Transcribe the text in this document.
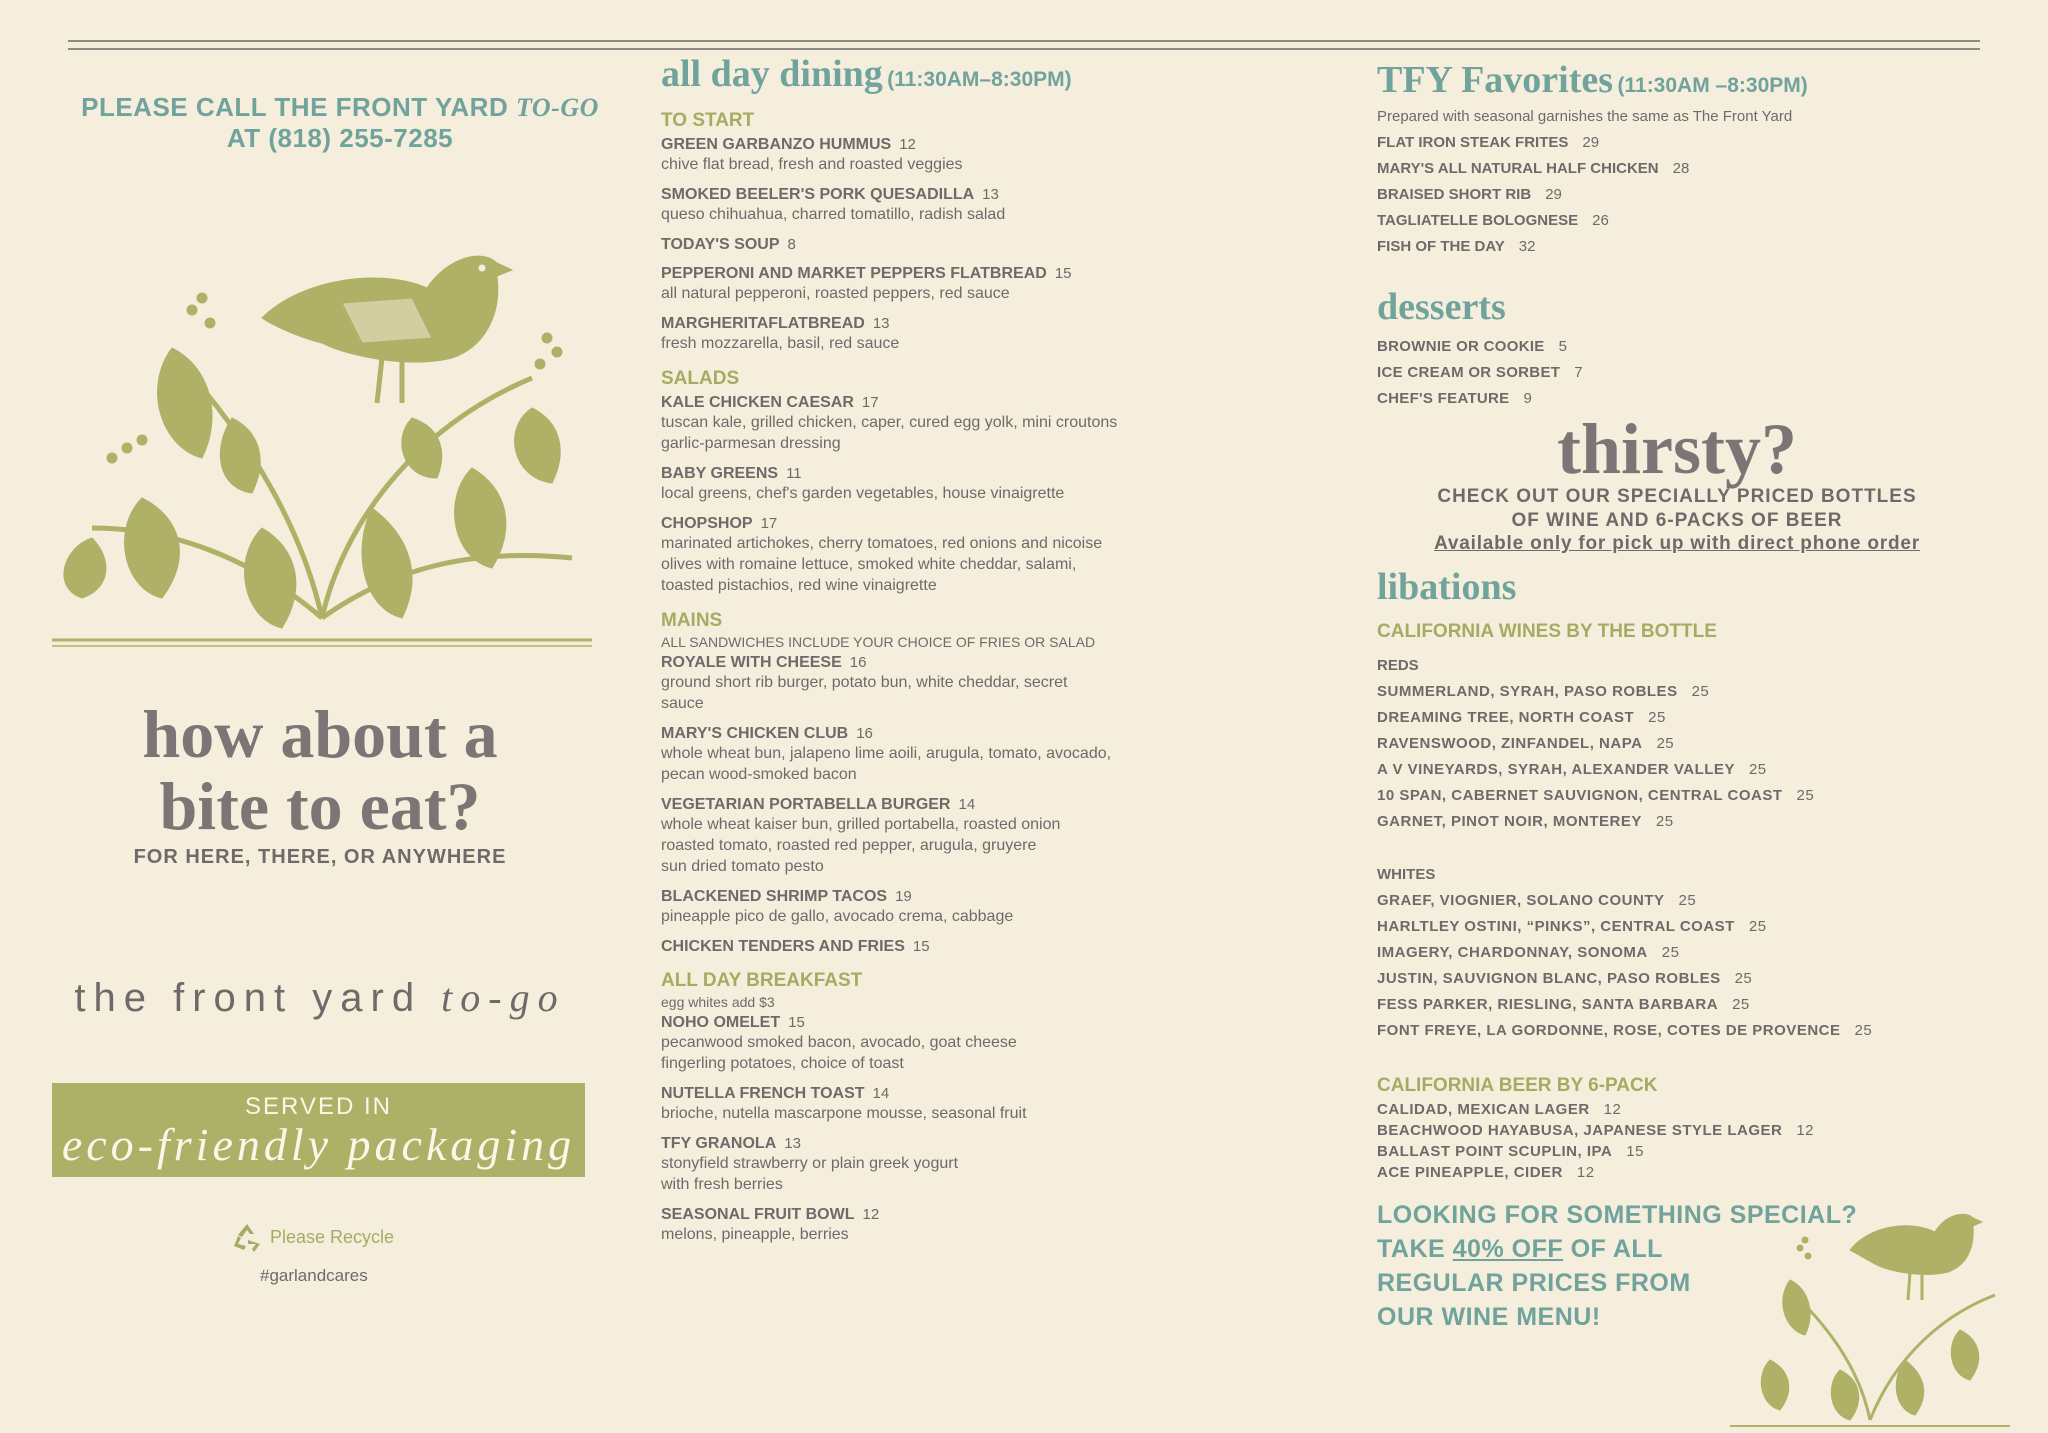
PLEASE CALL THE FRONT YARD TO-GO
AT (818) 255-7285
how about a
bite to eat?
FOR HERE, THERE, OR ANYWHERE
the front yard to-go
SERVED IN
eco-friendly packaging
Please Recycle
#garlandcares
all day dining (11:30AM–8:30PM)
TO START
GREEN GARBANZO HUMMUS 12
chive flat bread, fresh and roasted veggies
SMOKED BEELER'S PORK QUESADILLA 13
queso chihuahua, charred tomatillo, radish salad
TODAY'S SOUP 8
PEPPERONI AND MARKET PEPPERS FLATBREAD 15
all natural pepperoni, roasted peppers, red sauce
MARGHERITAFLATBREAD 13
fresh mozzarella, basil, red sauce
SALADS
KALE CHICKEN CAESAR 17
tuscan kale, grilled chicken, caper, cured egg yolk, mini croutons
garlic-parmesan dressing
BABY GREENS 11
local greens, chef's garden vegetables, house vinaigrette
CHOPSHOP 17
marinated artichokes, cherry tomatoes, red onions and nicoise
olives with romaine lettuce, smoked white cheddar, salami,
toasted pistachios, red wine vinaigrette
MAINS
ALL SANDWICHES INCLUDE YOUR CHOICE OF FRIES OR SALAD
ROYALE WITH CHEESE 16
ground short rib burger, potato bun, white cheddar, secret
sauce
MARY'S CHICKEN CLUB 16
whole wheat bun, jalapeno lime aoili, arugula, tomato, avocado,
pecan wood-smoked bacon
VEGETARIAN PORTABELLA BURGER 14
whole wheat kaiser bun, grilled portabella, roasted onion
roasted tomato, roasted red pepper, arugula, gruyere
sun dried tomato pesto
BLACKENED SHRIMP TACOS 19
pineapple pico de gallo, avocado crema, cabbage
CHICKEN TENDERS AND FRIES 15
ALL DAY BREAKFAST
egg whites add $3
NOHO OMELET 15
pecanwood smoked bacon, avocado, goat cheese
fingerling potatoes, choice of toast
NUTELLA FRENCH TOAST 14
brioche, nutella mascarpone mousse, seasonal fruit
TFY GRANOLA 13
stonyfield strawberry or plain greek yogurt
with fresh berries
SEASONAL FRUIT BOWL 12
melons, pineapple, berries
TFY Favorites (11:30AM –8:30PM)
Prepared with seasonal garnishes the same as The Front Yard
FLAT IRON STEAK FRITES 29
MARY'S ALL NATURAL HALF CHICKEN 28
BRAISED SHORT RIB 29
TAGLIATELLE BOLOGNESE 26
FISH OF THE DAY 32
desserts
BROWNIE OR COOKIE 5
ICE CREAM OR SORBET 7
CHEF'S FEATURE 9
thirsty?
CHECK OUT OUR SPECIALLY PRICED BOTTLES
OF WINE AND 6-PACKS OF BEER
Available only for pick up with direct phone order
libations
CALIFORNIA WINES BY THE BOTTLE
REDS
SUMMERLAND, SYRAH, PASO ROBLES 25
DREAMING TREE, NORTH COAST 25
RAVENSWOOD, ZINFANDEL, NAPA 25
A V VINEYARDS, SYRAH, ALEXANDER VALLEY 25
10 SPAN, CABERNET SAUVIGNON, CENTRAL COAST 25
GARNET, PINOT NOIR, MONTEREY 25
WHITES
GRAEF, VIOGNIER, SOLANO COUNTY 25
HARLTLEY OSTINI, “PINKS”, CENTRAL COAST 25
IMAGERY, CHARDONNAY, SONOMA 25
JUSTIN, SAUVIGNON BLANC, PASO ROBLES 25
FESS PARKER, RIESLING, SANTA BARBARA 25
FONT FREYE, LA GORDONNE, ROSE, COTES DE PROVENCE 25
CALIFORNIA BEER BY 6-PACK
CALIDAD, MEXICAN LAGER 12
BEACHWOOD HAYABUSA, JAPANESE STYLE LAGER 12
BALLAST POINT SCUPLIN, IPA 15
ACE PINEAPPLE, CIDER 12
LOOKING FOR SOMETHING SPECIAL?
TAKE 40% OFF OF ALL
REGULAR PRICES FROM
OUR WINE MENU!
